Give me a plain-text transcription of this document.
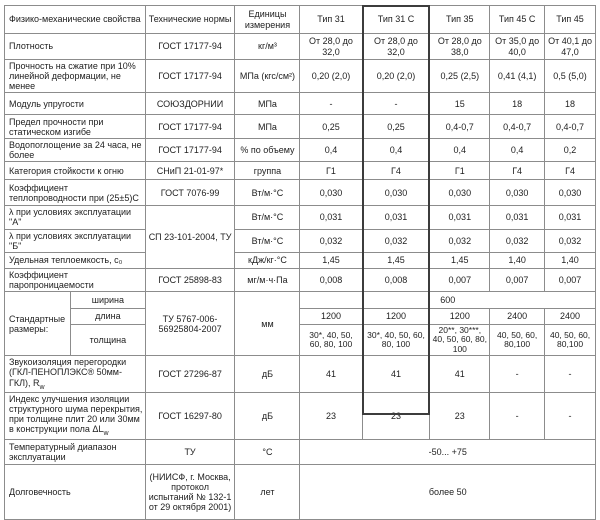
Физико-механические свойства		Технические нормы	Единицы измерения	Тип 31	Тип 31 С	Тип 35	Тип 45 С	Тип 45
Плотность		ГОСТ 17177-94	кг/м³	От 28,0 до 32,0	От 28,0 до 32,0	От 28,0 до 38,0	От 35,0 до 40,0	От 40,1 до 47,0
Прочность на сжатие при 10% линейной деформации, не менее		ГОСТ 17177-94	МПа (кгс/см²)	0,20 (2,0)	0,20 (2,0)	0,25 (2,5)	0,41 (4,1)	0,5 (5,0)
Модуль упругости		СОЮЗДОРНИИ	МПа	-	-	15	18	18
Предел прочности при статическом изгибе		ГОСТ 17177-94	МПа	0,25	0,25	0,4-0,7	0,4-0,7	0,4-0,7
Водопоглощение за 24 часа, не более		ГОСТ 17177-94	% по объему	0,4	0,4	0,4	0,4	0,2
Категория стойкости к огню		СНиП 21-01-97*	группа	Г1	Г4	Г1	Г4	Г4
Коэффициент теплопроводности при (25±5)С		ГОСТ 7076-99	Вт/м·°С	0,030	0,030	0,030	0,030	0,030
λ при условиях эксплуатации "А"		СП 23-101-2004, ТУ	Вт/м·°С	0,031	0,031	0,031	0,031	0,031
λ при условиях эксплуатации "Б"			Вт/м·°С	0,032	0,032	0,032	0,032	0,032
Удельная теплоемкость, с₀			кДж/кг·°С	1,45	1,45	1,45	1,40	1,40
Коэффициент паропроницаемости		ГОСТ 25898-83	мг/м·ч·Па	0,008	0,008	0,007	0,007	0,007
Стандартные размеры:	ширина	ТУ 5767-006-56925804-2007	мм	600				
	длина			1200	1200	1200	2400	2400
	толщина			30*, 40, 50, 60, 80, 100	30*, 40, 50, 60, 80, 100	20**, 30***, 40, 50, 60, 80, 100	40, 50, 60, 80,100	40, 50, 60, 80,100
Звукоизоляция перегородки (ГКЛ-ПЕНОПЛЭКС® 50мм-ГКЛ), $R_w$		ГОСТ 27296-87	дБ	41	41	41	-	-
Индекс улучшения изоляции структурного шума перекрытия, при толщине плит 20 или 30мм в конструкции пола $\Delta L_w$		ГОСТ 16297-80	дБ	23	23	23	-	-
Температурный диапазон эксплуатации		ТУ	°С	-50... +75				
Долговечность		(НИИСФ, г. Москва, протокол испытаний № 132-1 от 29 октября 2001)	лет	более 50				
